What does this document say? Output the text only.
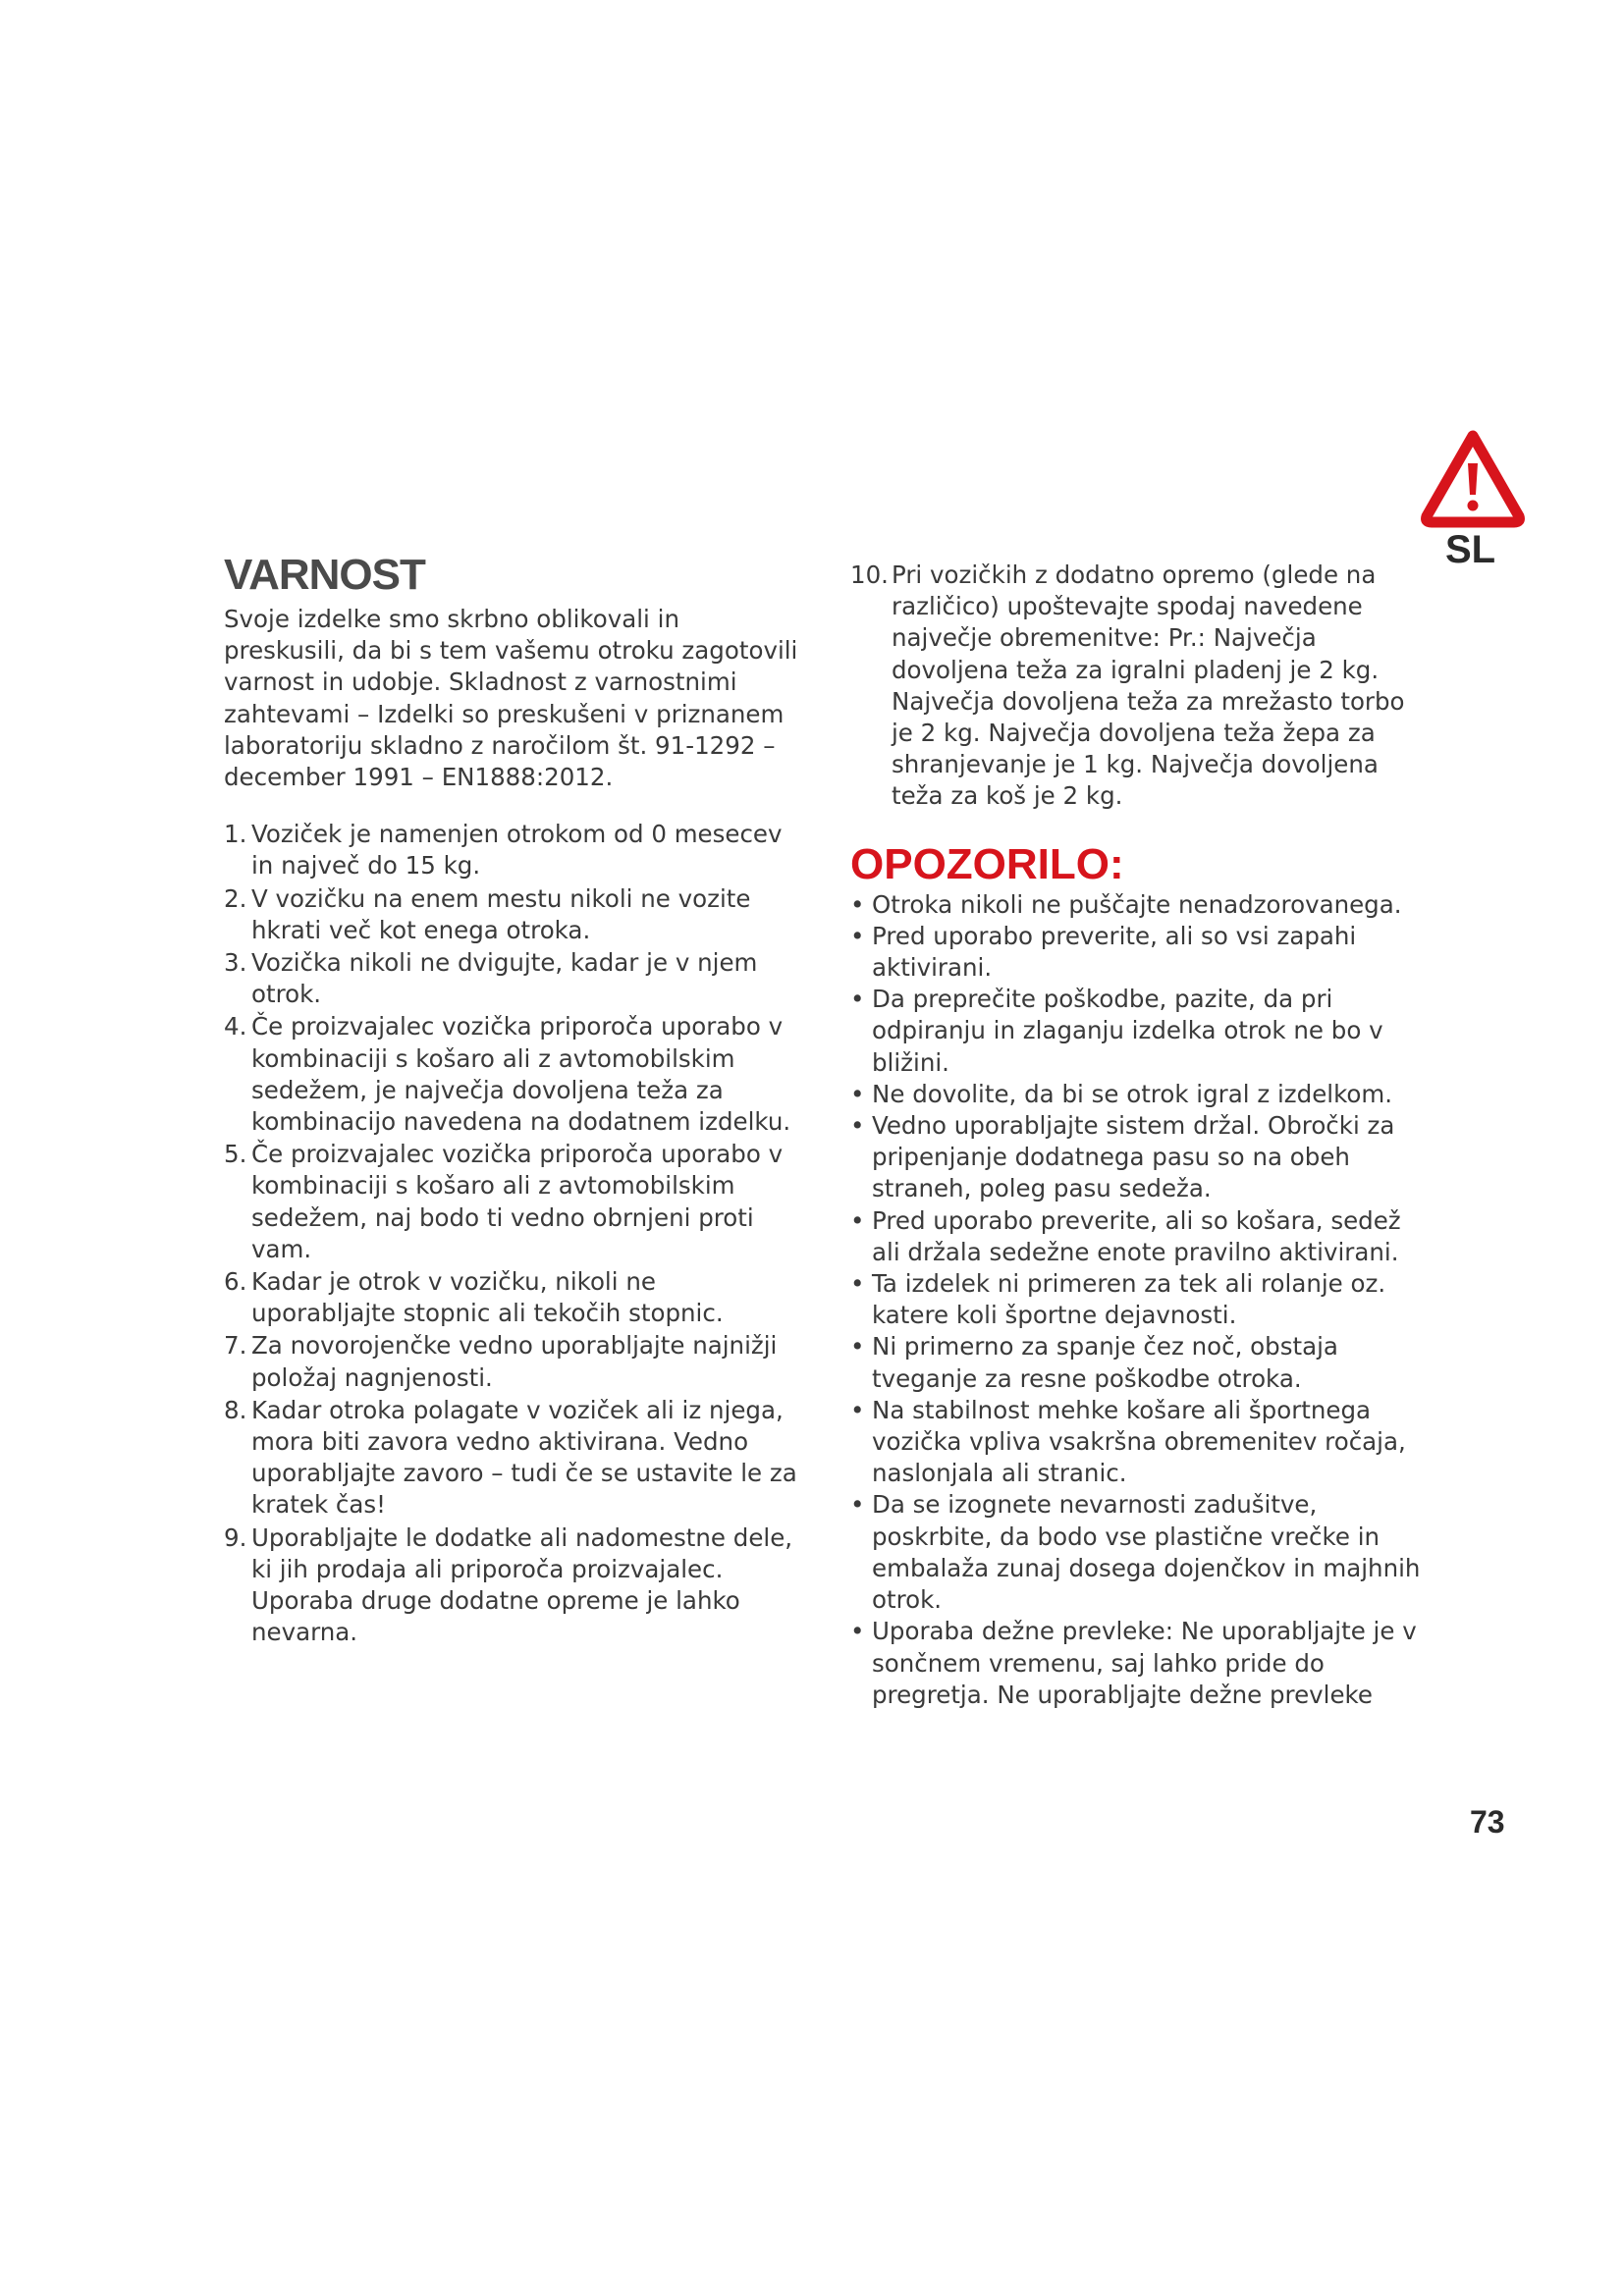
SL
VARNOST

Svoje izdelke smo skrbno oblikovali in preskusili, da bi s tem vašemu otroku zagotovili varnost in udobje. Skladnost z varnostnimi zahtevami – Izdelki so preskušeni v priznanem laboratoriju skladno z naročilom št. 91-1292 – december 1991 – EN1888:2012.

1. Voziček je namenjen otrokom od 0 mesecev in največ do 15 kg.
2. V vozičku na enem mestu nikoli ne vozite hkrati več kot enega otroka.
3. Vozička nikoli ne dvigujte, kadar je v njem otrok.
4. Če proizvajalec vozička priporoča uporabo v kombinaciji s košaro ali z avtomobilskim sedežem, je največja dovoljena teža za kombinacijo navedena na dodatnem izdelku.
5. Če proizvajalec vozička priporoča uporabo v kombinaciji s košaro ali z avtomobilskim sedežem, naj bodo ti vedno obrnjeni proti vam.
6. Kadar je otrok v vozičku, nikoli ne uporabljajte stopnic ali tekočih stopnic.
7. Za novorojenčke vedno uporabljajte najnižji položaj nagnjenosti.
8. Kadar otroka polagate v voziček ali iz njega, mora biti zavora vedno aktivirana. Vedno uporabljajte zavoro – tudi če se ustavite le za kratek čas!
9. Uporabljajte le dodatke ali nadomestne dele, ki jih prodaja ali priporoča proizvajalec. Uporaba druge dodatne opreme je lahko nevarna.
10. Pri vozičkih z dodatno opremo (glede na različico) upoštevajte spodaj navedene največje obremenitve: Pr.: Največja dovoljena teža za igralni pladenj je 2 kg. Največja dovoljena teža za mrežasto torbo je 2 kg. Največja dovoljena teža žepa za shranjevanje je 1 kg. Največja dovoljena teža za koš je 2 kg.
OPOZORILO:
• Otroka nikoli ne puščajte nenadzorovanega.
• Pred uporabo preverite, ali so vsi zapahi aktivirani.
• Da preprečite poškodbe, pazite, da pri odpiranju in zlaganju izdelka otrok ne bo v bližini.
• Ne dovolite, da bi se otrok igral z izdelkom.
• Vedno uporabljajte sistem držal. Obročki za pripenjanje dodatnega pasu so na obeh straneh, poleg pasu sedeža.
• Pred uporabo preverite, ali so košara, sedež ali držala sedežne enote pravilno aktivirani.
• Ta izdelek ni primeren za tek ali rolanje oz. katere koli športne dejavnosti.
• Ni primerno za spanje čez noč, obstaja tveganje za resne poškodbe otroka.
• Na stabilnost mehke košare ali športnega vozička vpliva vsakršna obremenitev ročaja, naslonjala ali stranic.
• Da se izognete nevarnosti zadušitve, poskrbite, da bodo vse plastične vrečke in embalaža zunaj dosega dojenčkov in majhnih otrok.
• Uporaba dežne prevleke: Ne uporabljajte je v sončnem vremenu, saj lahko pride do pregretja. Ne uporabljajte dežne prevleke
73
